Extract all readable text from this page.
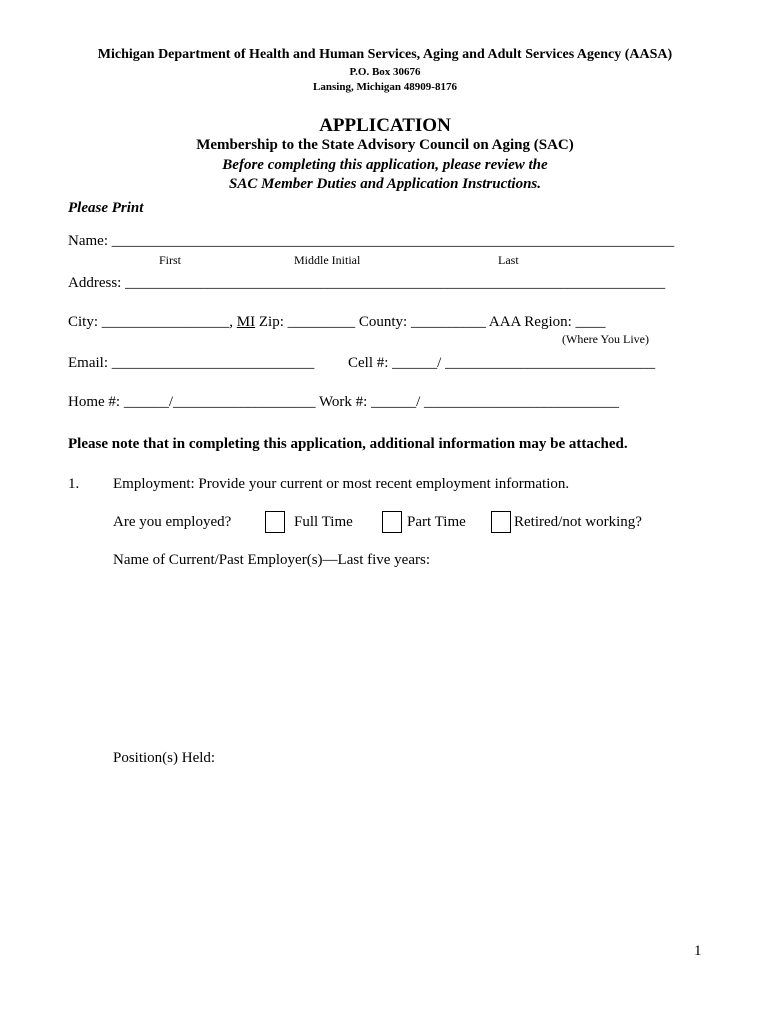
Michigan Department of Health and Human Services, Aging and Adult Services Agency (AASA)
P.O. Box 30676
Lansing, Michigan 48909-8176
APPLICATION
Membership to the State Advisory Council on Aging (SAC)
Before completing this application, please review the
SAC Member Duties and Application Instructions.
Please Print
Name: ___________________________________________________________________________
First	Middle Initial	Last
Address: ________________________________________________________________________
City: _________________, MI Zip: _________ County: __________ AAA Region: ____
(Where You Live)
Email: ___________________________ Cell #: ______/ ____________________________
Home #: ______/___________________ Work #: ______/ __________________________
Please note that in completing this application, additional information may be attached.
1. Employment: Provide your current or most recent employment information.
Are you employed?	Full Time	Part Time	Retired/not working?
Name of Current/Past Employer(s)—Last five years:
Position(s) Held:
1
